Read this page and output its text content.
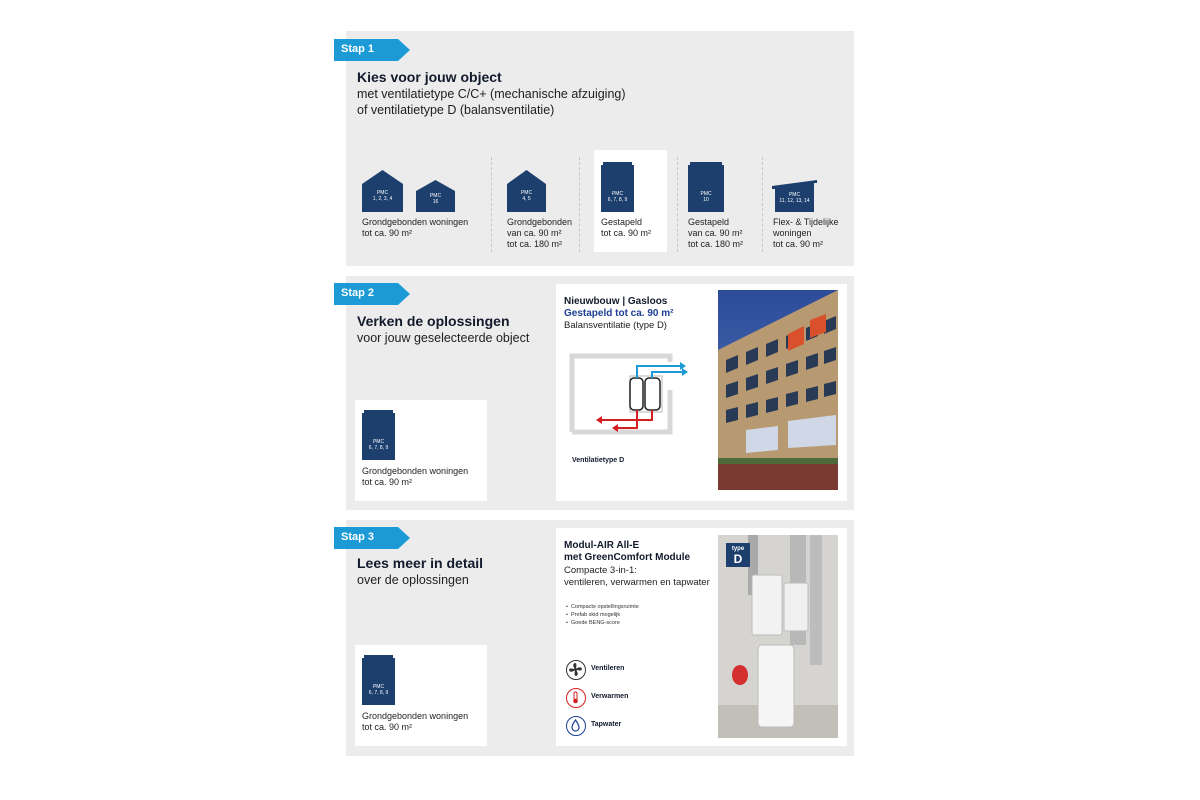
Stap 1
Kies voor jouw object
met ventilatietype C/C+ (mechanische afzuiging)
of ventilatietype D (balansventilatie)
PMC
1, 2, 3, 4	PMC
16
Grondgebonden woningen
tot ca. 90 m²
PMC
4, 5
Grondgebonden
van ca. 90 m²
tot ca. 180 m²
PMC
6, 7, 8, 9
Gestapeld
tot ca. 90 m²
PMC
10
Gestapeld
van ca. 90 m²
tot ca. 180 m²
PMC
11, 12, 13, 14
Flex- & Tijdelijke
woningen
tot ca. 90 m²
Stap 2
Verken de oplossingen
voor jouw geselecteerde object
PMC
6, 7, 8, 9
Grondgebonden woningen
tot ca. 90 m²
Nieuwbouw | Gasloos
Gestapeld tot ca. 90 m²
Balansventilatie (type D)
Ventilatietype D
Stap 3
Lees meer in detail
over de oplossingen
PMC
6, 7, 8, 9
Grondgebonden woningen
tot ca. 90 m²
Modul-AIR All-E
met GreenComfort Module
Compacte 3-in-1:
ventileren, verwarmen en tapwater
• Compacte opstellingsruimte
• Prefab skid mogelijk
• Goede BENG-score
Ventileren
Verwarmen
Tapwater
type
D
